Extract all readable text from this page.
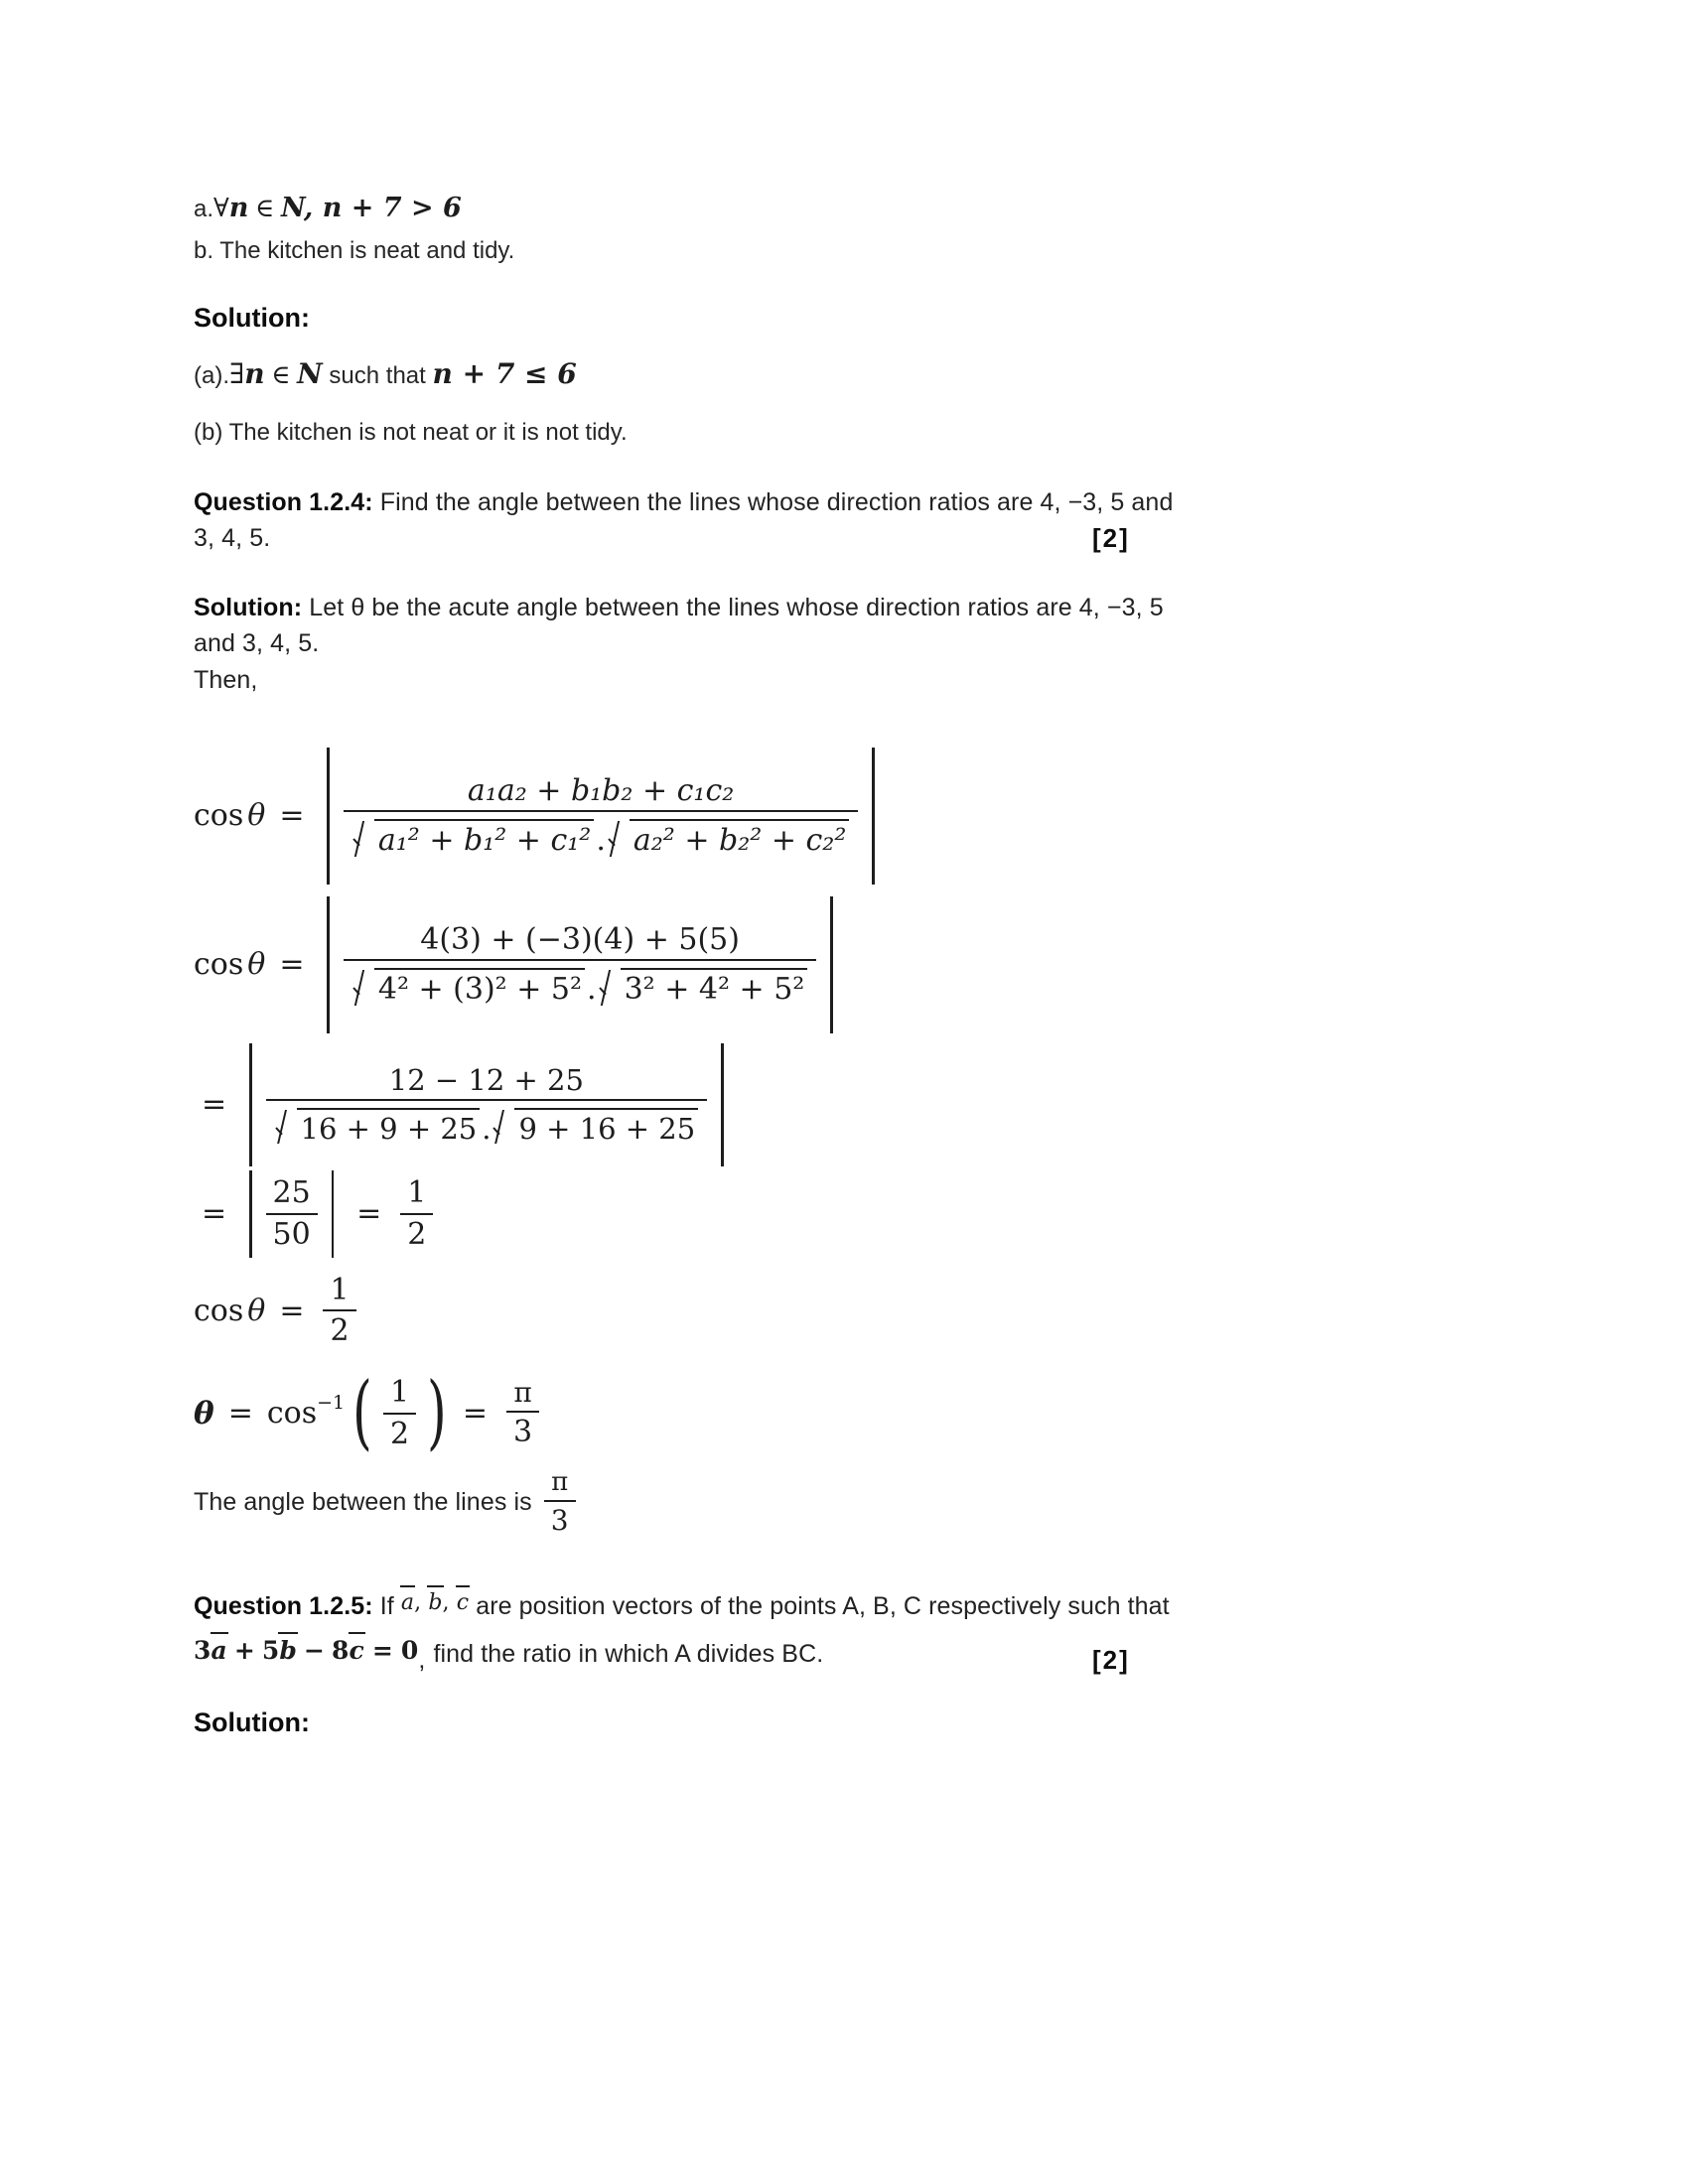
a.∀n ∈ N, n + 7 > 6
b. The kitchen is neat and tidy.
Solution:
(a).∃n ∈ N such that n + 7 ≤ 6
(b) The kitchen is not neat or it is not tidy.
Question 1.2.4: Find the angle between the lines whose direction ratios are 4, −3, 5 and
3, 4, 5.	[2]
Solution: Let θ be the acute angle between the lines whose direction ratios are 4, −3, 5
and 3, 4, 5.
Then,
$\cos \theta = \frac{\text{a₁a₂ + b₁b₂ + c₁c₂}}{\text{a₁² + b₁² + c₁² . a₂² + b₂² + c₂²}}$
$\cos \theta = \frac{4(3) + (-3)(4) + 5(5)}{\text{4² + (3)² + 5² . 3² + 4² + 5²}}$
= $\frac{12 - 12 + 25}{16 + 9 + 25 . 9 + 16 + 25}$
= $\frac{25}{50} = \frac{1}{2}$
$\cos \theta = \frac{1}{2}$
θ = cos −1 ( $\frac{1}{2}$ ) = $\frac{\pi}{3}$
The angle between the lines is $\frac{\pi}{3}$
Question 1.2.5: If a, b, c are position vectors of the points A, B, C respectively such that
3 a + 5 b − 8 c = 0 , find the ratio in which A divides BC.	[2]
Solution:
